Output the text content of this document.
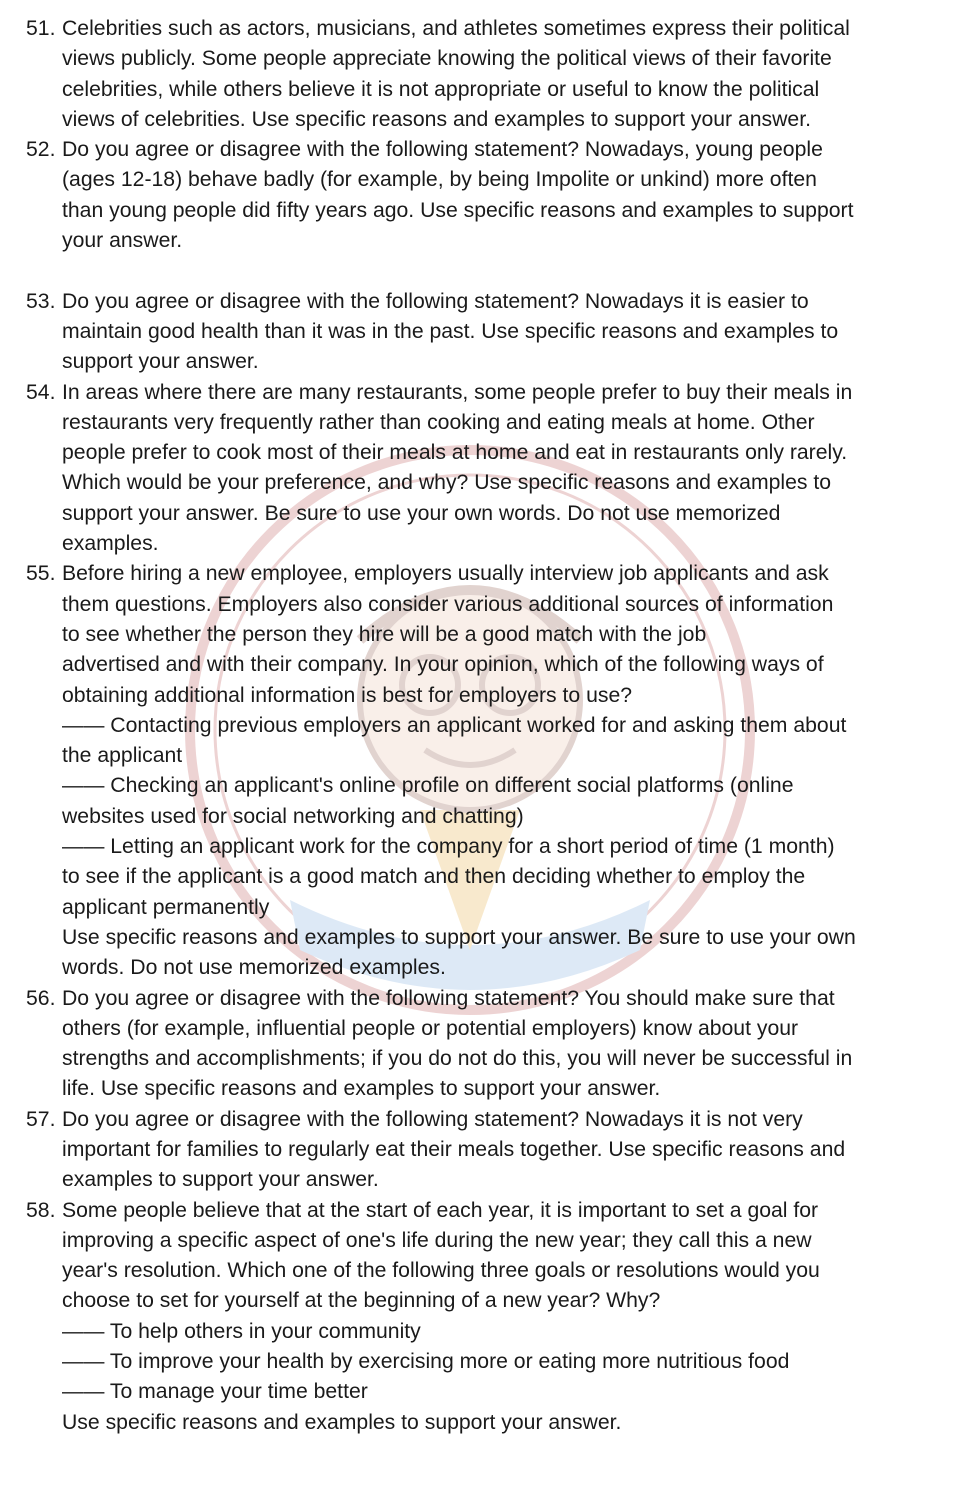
51. Celebrities such as actors, musicians, and athletes sometimes express their political
views publicly. Some people appreciate knowing the political views of their favorite
celebrities, while others believe it is not appropriate or useful to know the political
views of celebrities. Use specific reasons and examples to support your answer.
52. Do you agree or disagree with the following statement? Nowadays, young people
(ages 12-18) behave badly (for example, by being Impolite or unkind) more often
than young people did fifty years ago. Use specific reasons and examples to support
your answer.
53. Do you agree or disagree with the following statement? Nowadays it is easier to
maintain good health than it was in the past. Use specific reasons and examples to
support your answer.
54. In areas where there are many restaurants, some people prefer to buy their meals in
restaurants very frequently rather than cooking and eating meals at home. Other
people prefer to cook most of their meals at home and eat in restaurants only rarely.
Which would be your preference, and why? Use specific reasons and examples to
support your answer. Be sure to use your own words. Do not use memorized
examples.
55. Before hiring a new employee, employers usually interview job applicants and ask
them questions. Employers also consider various additional sources of information
to see whether the person they hire will be a good match with the job
advertised and with their company. In your opinion, which of the following ways of
obtaining additional information is best for employers to use?
—— Contacting previous employers an applicant worked for and asking them about
the applicant
—— Checking an applicant's online profile on different social platforms (online
websites used for social networking and chatting)
—— Letting an applicant work for the company for a short period of time (1 month)
to see if the applicant is a good match and then deciding whether to employ the
applicant permanently
Use specific reasons and examples to support your answer. Be sure to use your own
words. Do not use memorized examples.
56. Do you agree or disagree with the following statement? You should make sure that
others (for example, influential people or potential employers) know about your
strengths and accomplishments; if you do not do this, you will never be successful in
life. Use specific reasons and examples to support your answer.
57. Do you agree or disagree with the following statement? Nowadays it is not very
important for families to regularly eat their meals together. Use specific reasons and
examples to support your answer.
58. Some people believe that at the start of each year, it is important to set a goal for
improving a specific aspect of one's life during the new year; they call this a new
year's resolution. Which one of the following three goals or resolutions would you
choose to set for yourself at the beginning of a new year? Why?
—— To help others in your community
—— To improve your health by exercising more or eating more nutritious food
—— To manage your time better
Use specific reasons and examples to support your answer.
